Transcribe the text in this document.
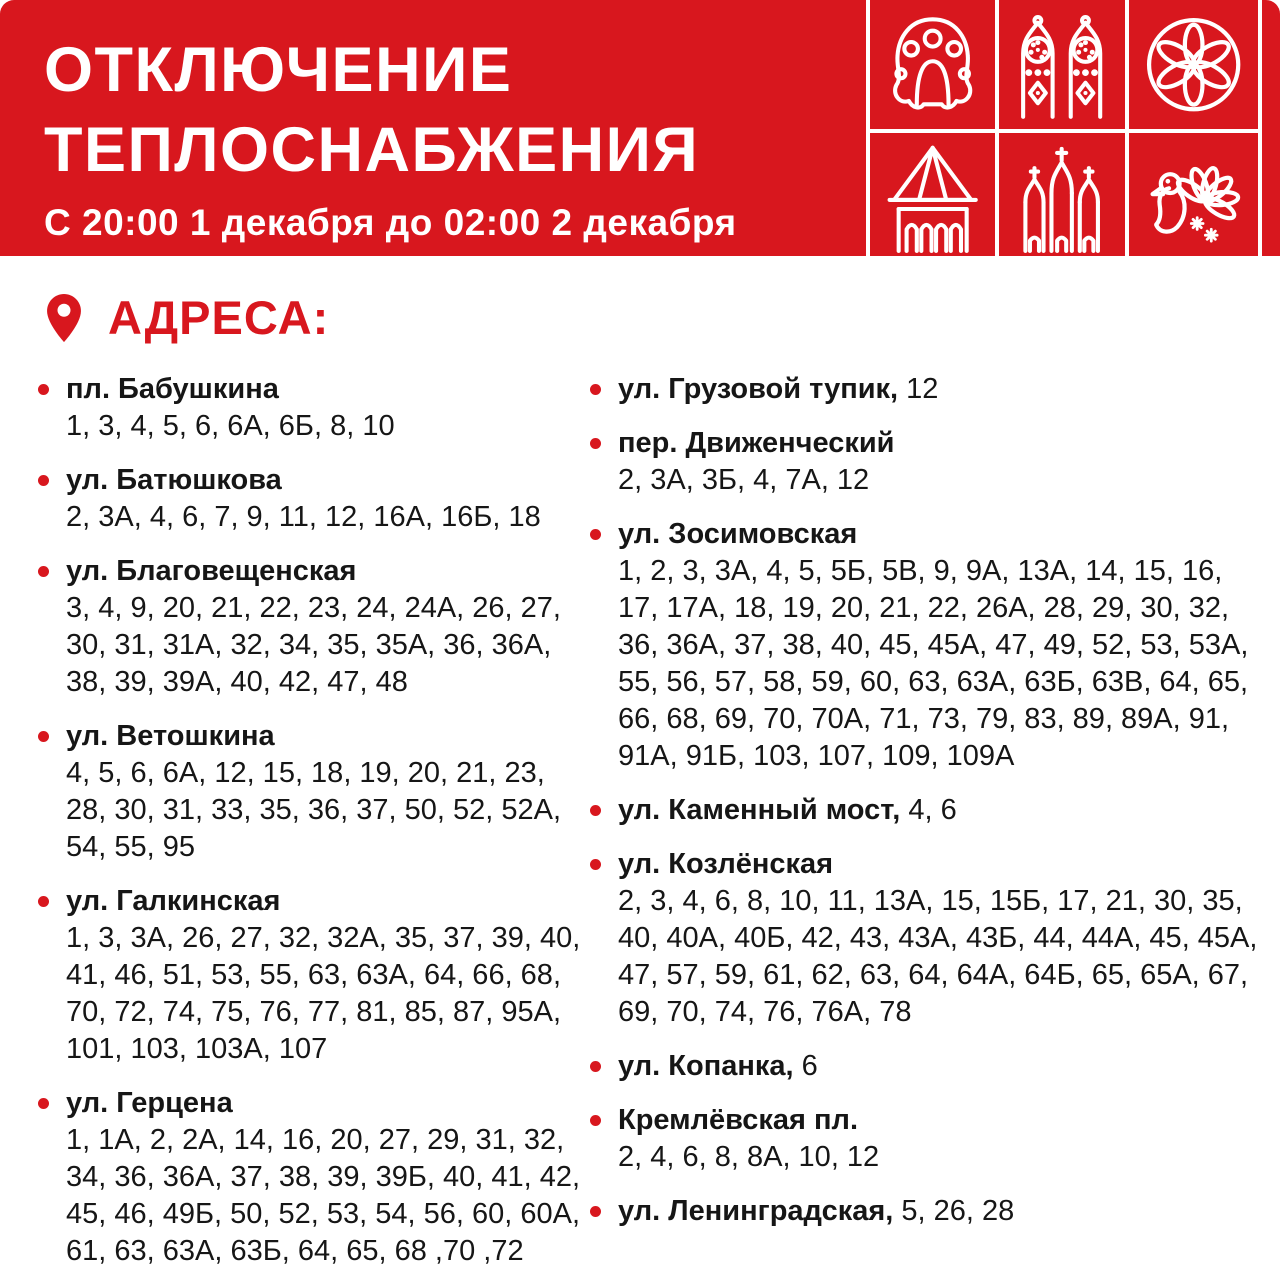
ОТКЛЮЧЕНИЕ
ТЕПЛОСНАБЖЕНИЯ
С 20:00 1 декабря до 02:00 2 декабря
АДРЕСА:
пл. Бабушкина
1, 3, 4, 5, 6, 6А, 6Б, 8, 10
ул. Батюшкова
2, 3А, 4, 6, 7, 9, 11, 12, 16А, 16Б, 18
ул. Благовещенская
3, 4, 9, 20, 21, 22, 23, 24, 24А, 26, 27, 30, 31, 31А, 32, 34, 35, 35А, 36, 36А, 38, 39, 39А, 40, 42, 47, 48
ул. Ветошкина
4, 5, 6, 6А, 12, 15, 18, 19, 20, 21, 23, 28, 30, 31, 33, 35, 36, 37, 50, 52, 52А, 54, 55, 95
ул. Галкинская
1, 3, 3А, 26, 27, 32, 32А, 35, 37, 39, 40, 41, 46, 51, 53, 55, 63, 63А, 64, 66, 68, 70, 72, 74, 75, 76, 77, 81, 85, 87, 95А, 101, 103, 103А, 107
ул. Герцена
1, 1А, 2, 2А, 14, 16, 20, 27, 29, 31, 32, 34, 36, 36А, 37, 38, 39, 39Б, 40, 41, 42, 45, 46, 49Б, 50, 52, 53, 54, 56, 60, 60А, 61, 63, 63А, 63Б, 64, 65, 68 ,70 ,72
ул. Грузовой тупик, 12
пер. Движенческий
2, 3А, 3Б, 4, 7А, 12
ул. Зосимовская
1, 2, 3, 3А, 4, 5, 5Б, 5В, 9, 9А, 13А, 14, 15, 16, 17, 17А, 18, 19, 20, 21, 22, 26А, 28, 29, 30, 32, 36, 36А, 37, 38, 40, 45, 45А, 47, 49, 52, 53, 53А, 55, 56, 57, 58, 59, 60, 63, 63А, 63Б, 63В, 64, 65, 66, 68, 69, 70, 70А, 71, 73, 79, 83, 89, 89А, 91, 91А, 91Б, 103, 107, 109, 109А
ул. Каменный мост, 4, 6
ул. Козлёнская
2, 3, 4, 6, 8, 10, 11, 13А, 15, 15Б, 17, 21, 30, 35, 40, 40А, 40Б, 42, 43, 43А, 43Б, 44, 44А, 45, 45А, 47, 57, 59, 61, 62, 63, 64, 64А, 64Б, 65, 65А, 67, 69, 70, 74, 76, 76А, 78
ул. Копанка, 6
Кремлёвская пл.
2, 4, 6, 8, 8А, 10, 12
ул. Ленинградская, 5, 26, 28
